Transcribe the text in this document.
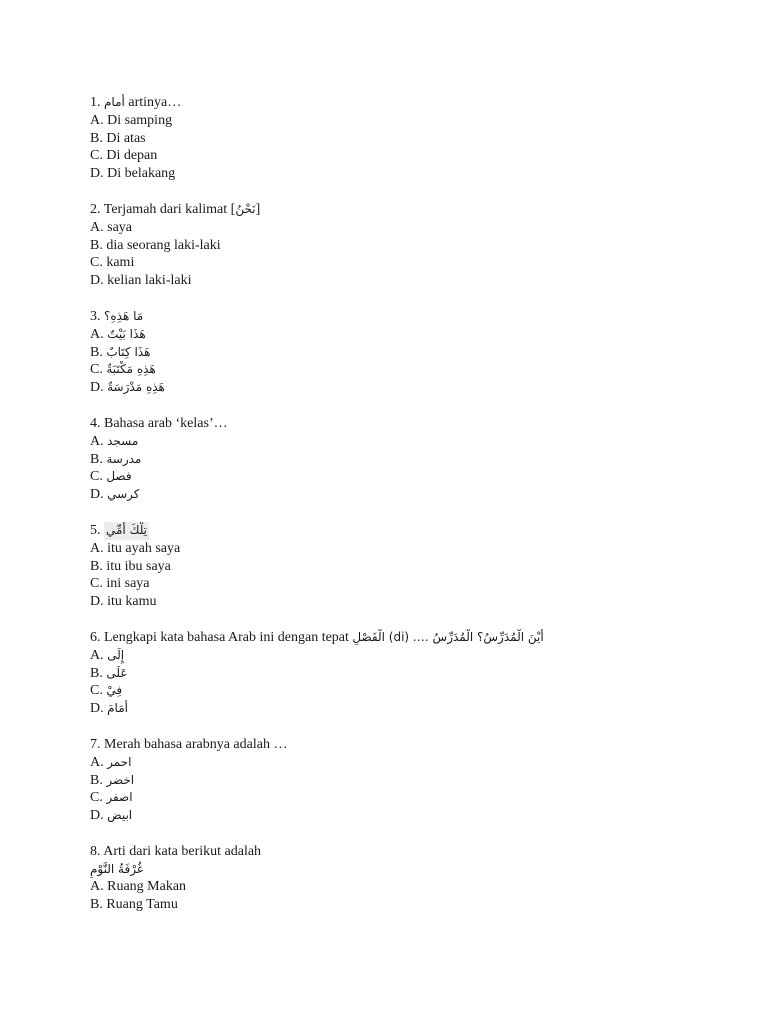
1. أمام artinya…
A. Di samping
B. Di atas
C. Di depan
D. Di belakang
2. Terjamah dari kalimat [نَحْنُ]
A. saya
B. dia seorang laki-laki
C. kami
D. kelian laki-laki
3. مَا هَذِهِ؟
A. هَذَا بَيْتٌ
B. هَذَا كِتَابٌ
C. هَذِهِ مَكْتَبَةٌ
D. هَذِهِ مَدْرَسَةٌ
4. Bahasa arab ‘kelas’…
A. مسجد
B. مدرسة
C. فصل
D. كرسي
5. تِلْكَ أُمِّي
A. itu ayah saya
B. itu ibu saya
C. ini saya
D. itu kamu
6. Lengkapi kata bahasa Arab ini dengan tepat أَيْنَ الْمُدَرِّسُ؟ الْمُدَرِّسُ …. (di) الْفَصْلِ
A. إِلَى
B. عَلَى
C. فِيْ
D. أَمَامَ
7. Merah bahasa arabnya adalah …
A. احمر
B. اخضر
C. اصفر
D. ابيض
8. Arti dari kata berikut adalah
غُرْفَةُ النَّوْمِ
A. Ruang Makan
B. Ruang Tamu
